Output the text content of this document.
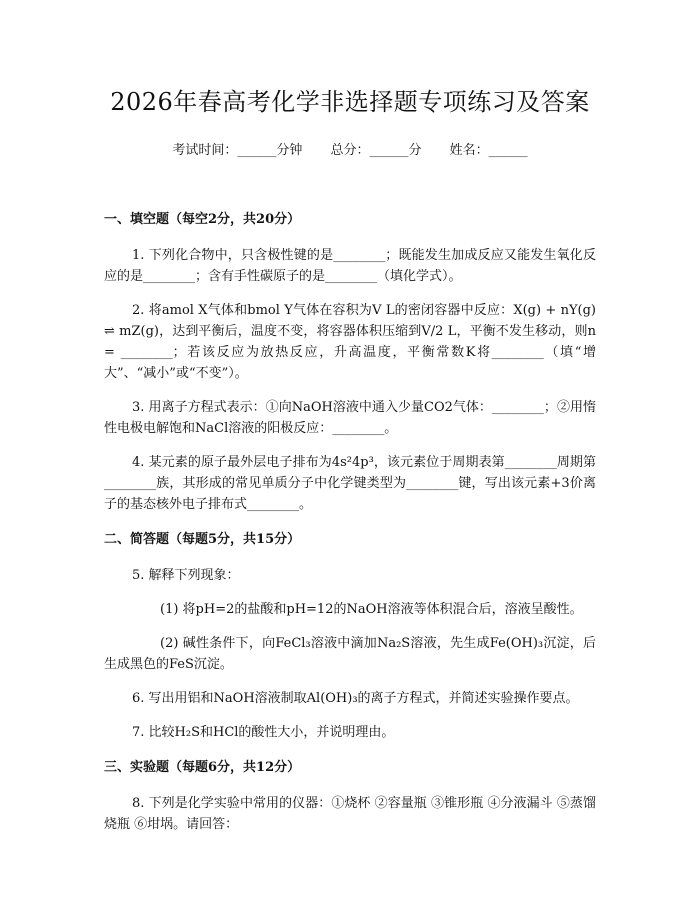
2026年春高考化学非选择题专项练习及答案
考试时间：______分钟 总分：______分 姓名：______
一、填空题（每空2分，共20分）

1. 下列化合物中，只含极性键的是________；既能发生加成反应又能发生氧化反应的是________；含有手性碳原子的是________（填化学式）。

2. 将amol X气体和bmol Y气体在容积为V L的密闭容器中反应：X(g) + nY(g) ⇌ mZ(g)，达到平衡后，温度不变，将容器体积压缩到V/2 L，平衡不发生移动，则n = ________；若该反应为放热反应，升高温度，平衡常数K将________（填“增大”、“减小”或“不变”）。

3. 用离子方程式表示：①向NaOH溶液中通入少量CO2气体：________；②用惰性电极电解饱和NaCl溶液的阳极反应：________。

4. 某元素的原子最外层电子排布为4s²4p³，该元素位于周期表第________周期第________族，其形成的常见单质分子中化学键类型为________键，写出该元素+3价离子的基态核外电子排布式________。

二、简答题（每题5分，共15分）

5. 解释下列现象：

(1) 将pH=2的盐酸和pH=12的NaOH溶液等体积混合后，溶液呈酸性。

(2) 碱性条件下，向FeCl₃溶液中滴加Na₂S溶液，先生成Fe(OH)₃沉淀，后生成黑色的FeS沉淀。

6. 写出用铝和NaOH溶液制取Al(OH)₃的离子方程式，并简述实验操作要点。

7. 比较H₂S和HCl的酸性大小，并说明理由。

三、实验题（每题6分，共12分）

8. 下列是化学实验中常用的仪器：①烧杯 ②容量瓶 ③锥形瓶 ④分液漏斗 ⑤蒸馏烧瓶 ⑥坩埚。请回答：
